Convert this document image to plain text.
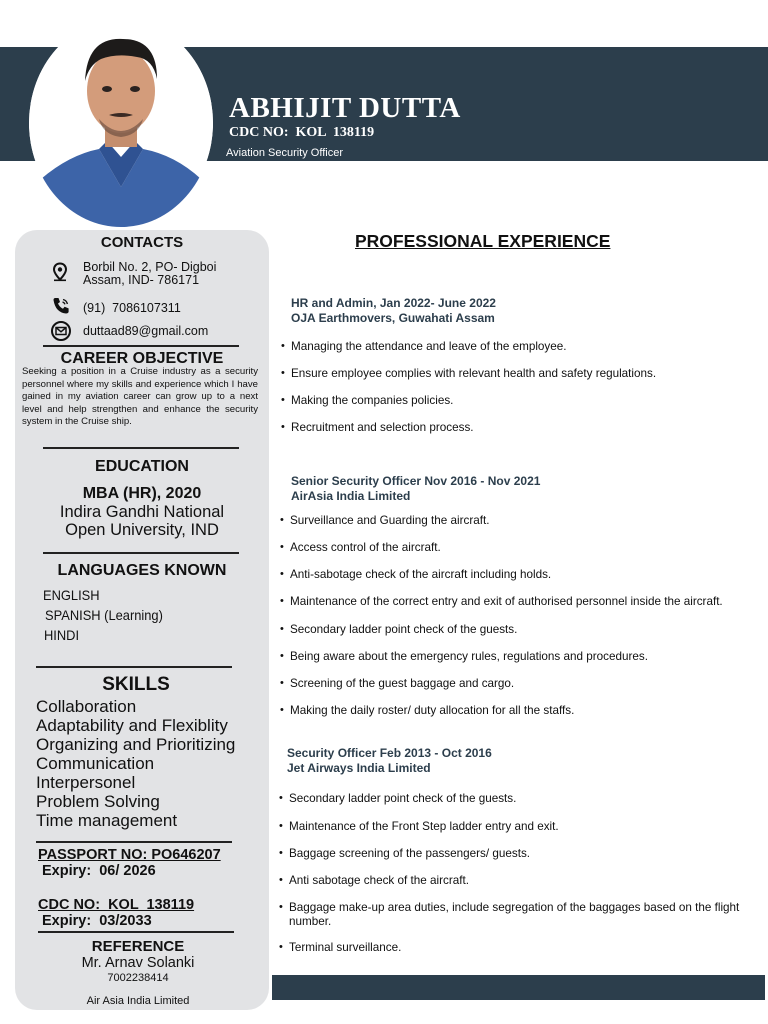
ABHIJIT DUTTA
CDC NO:  KOL  138119
Aviation Security Officer
CONTACTS
Borbil No. 2, PO- Digboi
Assam, IND- 786171
(91)  7086107311
duttaad89@gmail.com
CAREER OBJECTIVE
Seeking a position in a Cruise industry as a security personnel where my skills and experience which I have gained in my aviation career can grow up to a next level and help strengthen and enhance the security system in the Cruise ship.
EDUCATION
MBA (HR), 2020
Indira Gandhi National
Open University, IND
LANGUAGES KNOWN
ENGLISH
SPANISH (Learning)
HINDI
SKILLS
Collaboration
Adaptability and Flexiblity
Organizing and Prioritizing
Communication
Interpersonel
Problem Solving
Time management
PASSPORT NO: PO646207
Expiry:  06/ 2026
CDC NO:  KOL  138119
Expiry:  03/2033
REFERENCE
Mr. Arnav Solanki
7002238414
Air Asia India Limited
PROFESSIONAL EXPERIENCE
HR and Admin, Jan 2022- June 2022
OJA Earthmovers, Guwahati Assam
• Managing the attendance and leave of the employee.
• Ensure employee complies with relevant health and safety regulations.
• Making the companies policies.
• Recruitment and selection process.
Senior Security Officer Nov 2016 - Nov 2021
AirAsia India Limited
• Surveillance and Guarding the aircraft.
• Access control of the aircraft.
• Anti-sabotage check of the aircraft including holds.
• Maintenance of the correct entry and exit of authorised personnel inside the aircraft.
• Secondary ladder point check of the guests.
• Being aware about the emergency rules, regulations and procedures.
• Screening of the guest baggage and cargo.
• Making the daily roster/ duty allocation for all the staffs.
Security Officer Feb 2013 - Oct 2016
Jet Airways India Limited
• Secondary ladder point check of the guests.
• Maintenance of the Front Step ladder entry and exit.
• Baggage screening of the passengers/ guests.
• Anti sabotage check of the aircraft.
• Baggage make-up area duties, include segregation of the baggages based on the flight number.
• Terminal surveillance.
